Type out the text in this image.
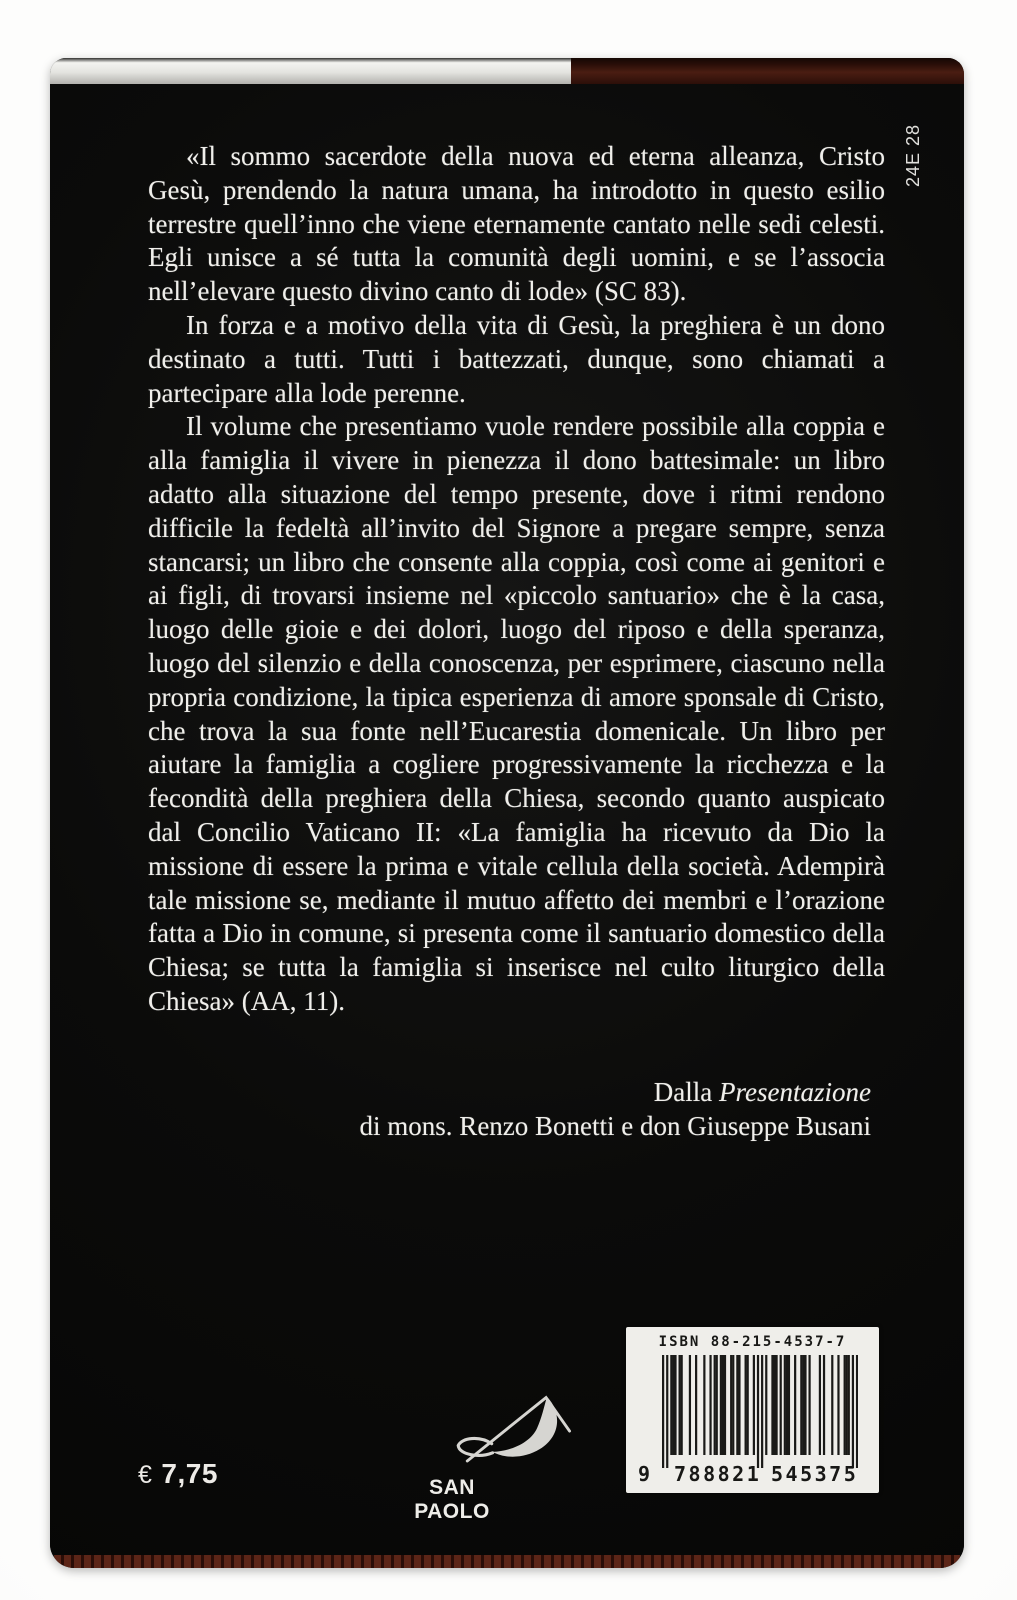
24E 28

«Il sommo sacerdote della nuova ed eterna alleanza, Cristo Gesù, prendendo la natura umana, ha introdotto in questo esilio terrestre quell’inno che viene eternamente cantato nelle sedi celesti. Egli unisce a sé tutta la comunità degli uomini, e se l’associa nell’elevare questo divino canto di lode» (SC 83).

In forza e a motivo della vita di Gesù, la preghiera è un dono destinato a tutti. Tutti i battezzati, dunque, sono chiamati a partecipare alla lode perenne.

Il volume che presentiamo vuole rendere possibile alla coppia e alla famiglia il vivere in pienezza il dono battesimale: un libro adatto alla situazione del tempo presente, dove i ritmi rendono difficile la fedeltà all’invito del Signore a pregare sempre, senza stancarsi; un libro che consente alla coppia, così come ai genitori e ai figli, di trovarsi insieme nel «piccolo santuario» che è la casa, luogo delle gioie e dei dolori, luogo del riposo e della speranza, luogo del silenzio e della conoscenza, per esprimere, ciascuno nella propria condizione, la tipica esperienza di amore sponsale di Cristo, che trova la sua fonte nell’Eucarestia domenicale. Un libro per aiutare la famiglia a cogliere progressivamente la ricchezza e la fecondità della preghiera della Chiesa, secondo quanto auspicato dal Concilio Vaticano II: «La famiglia ha ricevuto da Dio la missione di essere la prima e vitale cellula della società. Adempirà tale missione se, mediante il mutuo affetto dei membri e l’orazione fatta a Dio in comune, si presenta come il santuario domestico della Chiesa; se tutta la famiglia si inserisce nel culto liturgico della Chiesa» (AA, 11).

Dalla Presentazione
di mons. Renzo Bonetti e don Giuseppe Busani
€ 7,75	SAN PAOLO
ISBN 88-215-4537-7
9 788821 545375
